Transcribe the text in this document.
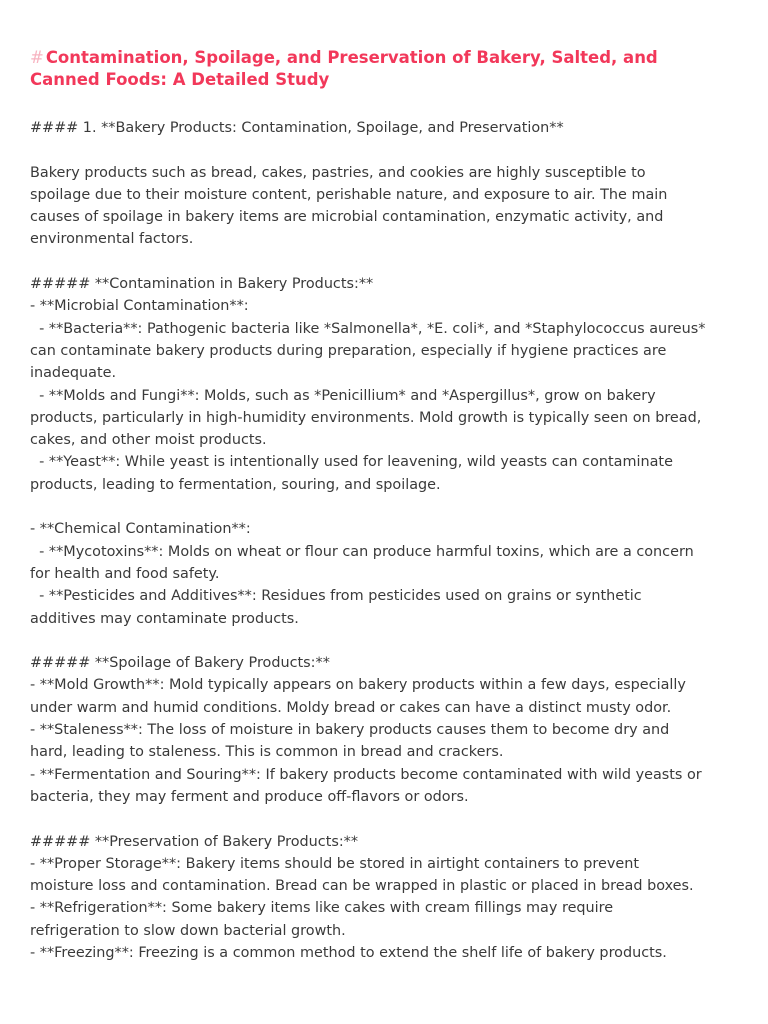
# Contamination, Spoilage, and Preservation of Bakery, Salted, and
Canned Foods: A Detailed Study
#### 1. **Bakery Products: Contamination, Spoilage, and Preservation**
Bakery products such as bread, cakes, pastries, and cookies are highly susceptible to
spoilage due to their moisture content, perishable nature, and exposure to air. The main
causes of spoilage in bakery items are microbial contamination, enzymatic activity, and
environmental factors.
##### **Contamination in Bakery Products:**
- **Microbial Contamination**:
- **Bacteria**: Pathogenic bacteria like *Salmonella*, *E. coli*, and *Staphylococcus aureus*
can contaminate bakery products during preparation, especially if hygiene practices are
inadequate.
- **Molds and Fungi**: Molds, such as *Penicillium* and *Aspergillus*, grow on bakery
products, particularly in high-humidity environments. Mold growth is typically seen on bread,
cakes, and other moist products.
- **Yeast**: While yeast is intentionally used for leavening, wild yeasts can contaminate
products, leading to fermentation, souring, and spoilage.
- **Chemical Contamination**:
- **Mycotoxins**: Molds on wheat or flour can produce harmful toxins, which are a concern
for health and food safety.
- **Pesticides and Additives**: Residues from pesticides used on grains or synthetic
additives may contaminate products.
##### **Spoilage of Bakery Products:**
- **Mold Growth**: Mold typically appears on bakery products within a few days, especially
under warm and humid conditions. Moldy bread or cakes can have a distinct musty odor.
- **Staleness**: The loss of moisture in bakery products causes them to become dry and
hard, leading to staleness. This is common in bread and crackers.
- **Fermentation and Souring**: If bakery products become contaminated with wild yeasts or
bacteria, they may ferment and produce off-flavors or odors.
##### **Preservation of Bakery Products:**
- **Proper Storage**: Bakery items should be stored in airtight containers to prevent
moisture loss and contamination. Bread can be wrapped in plastic or placed in bread boxes.
- **Refrigeration**: Some bakery items like cakes with cream fillings may require
refrigeration to slow down bacterial growth.
- **Freezing**: Freezing is a common method to extend the shelf life of bakery products.
